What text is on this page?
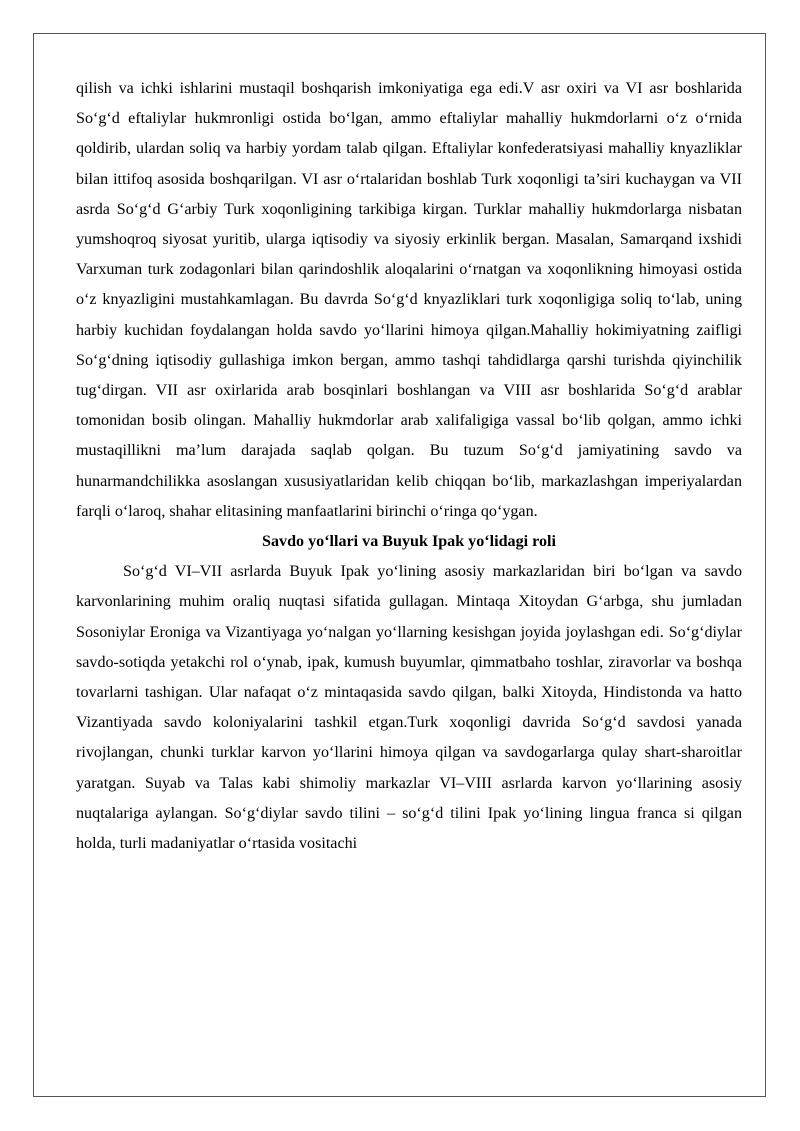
qilish va ichki ishlarini mustaqil boshqarish imkoniyatiga ega edi.V asr oxiri va VI asr boshlarida So‘g‘d eftaliylar hukmronligi ostida bo‘lgan, ammo eftaliylar mahalliy hukmdorlarni o‘z o‘rnida qoldirib, ulardan soliq va harbiy yordam talab qilgan. Eftaliylar konfederatsiyasi mahalliy knyazliklar bilan ittifoq asosida boshqarilgan. VI asr o‘rtalaridan boshlab Turk xoqonligi ta’siri kuchaygan va VII asrda So‘g‘d G‘arbiy Turk xoqonligining tarkibiga kirgan. Turklar mahalliy hukmdorlarga nisbatan yumshoqroq siyosat yuritib, ularga iqtisodiy va siyosiy erkinlik bergan. Masalan, Samarqand ixshidi Varxuman turk zodagonlari bilan qarindoshlik aloqalarini o‘rnatgan va xoqonlikning himoyasi ostida o‘z knyazligini mustahkamlagan. Bu davrda So‘g‘d knyazliklari turk xoqonligiga soliq to‘lab, uning harbiy kuchidan foydalangan holda savdo yo‘llarini himoya qilgan.Mahalliy hokimiyatning zaifligi So‘g‘dning iqtisodiy gullashiga imkon bergan, ammo tashqi tahdidlarga qarshi turishda qiyinchilik tug‘dirgan. VII asr oxirlarida arab bosqinlari boshlangan va VIII asr boshlarida So‘g‘d arablar tomonidan bosib olingan. Mahalliy hukmdorlar arab xalifaligiga vassal bo‘lib qolgan, ammo ichki mustaqillikni ma’lum darajada saqlab qolgan. Bu tuzum So‘g‘d jamiyatining savdo va hunarmandchilikka asoslangan xususiyatlaridan kelib chiqqan bo‘lib, markazlashgan imperiyalardan farqli o‘laroq, shahar elitasining manfaatlarini birinchi o‘ringa qo‘ygan.

Savdo yo‘llari va Buyuk Ipak yo‘lidagi roli

So‘g‘d VI–VII asrlarda Buyuk Ipak yo‘lining asosiy markazlaridan biri bo‘lgan va savdo karvonlarining muhim oraliq nuqtasi sifatida gullagan. Mintaqa Xitoydan G‘arbga, shu jumladan Sosoniylar Eroniga va Vizantiyaga yo‘nalgan yo‘llarning kesishgan joyida joylashgan edi. So‘g‘diylar savdo-sotiqda yetakchi rol o‘ynab, ipak, kumush buyumlar, qimmatbaho toshlar, ziravorlar va boshqa tovarlarni tashigan. Ular nafaqat o‘z mintaqasida savdo qilgan, balki Xitoyda, Hindistonda va hatto Vizantiyada savdo koloniyalarini tashkil etgan.Turk xoqonligi davrida So‘g‘d savdosi yanada rivojlangan, chunki turklar karvon yo‘llarini himoya qilgan va savdogarlarga qulay shart-sharoitlar yaratgan. Suyab va Talas kabi shimoliy markazlar VI–VIII asrlarda karvon yo‘llarining asosiy nuqtalariga aylangan. So‘g‘diylar savdo tilini – so‘g‘d tilini Ipak yo‘lining lingua franca si qilgan holda, turli madaniyatlar o‘rtasida vositachi
